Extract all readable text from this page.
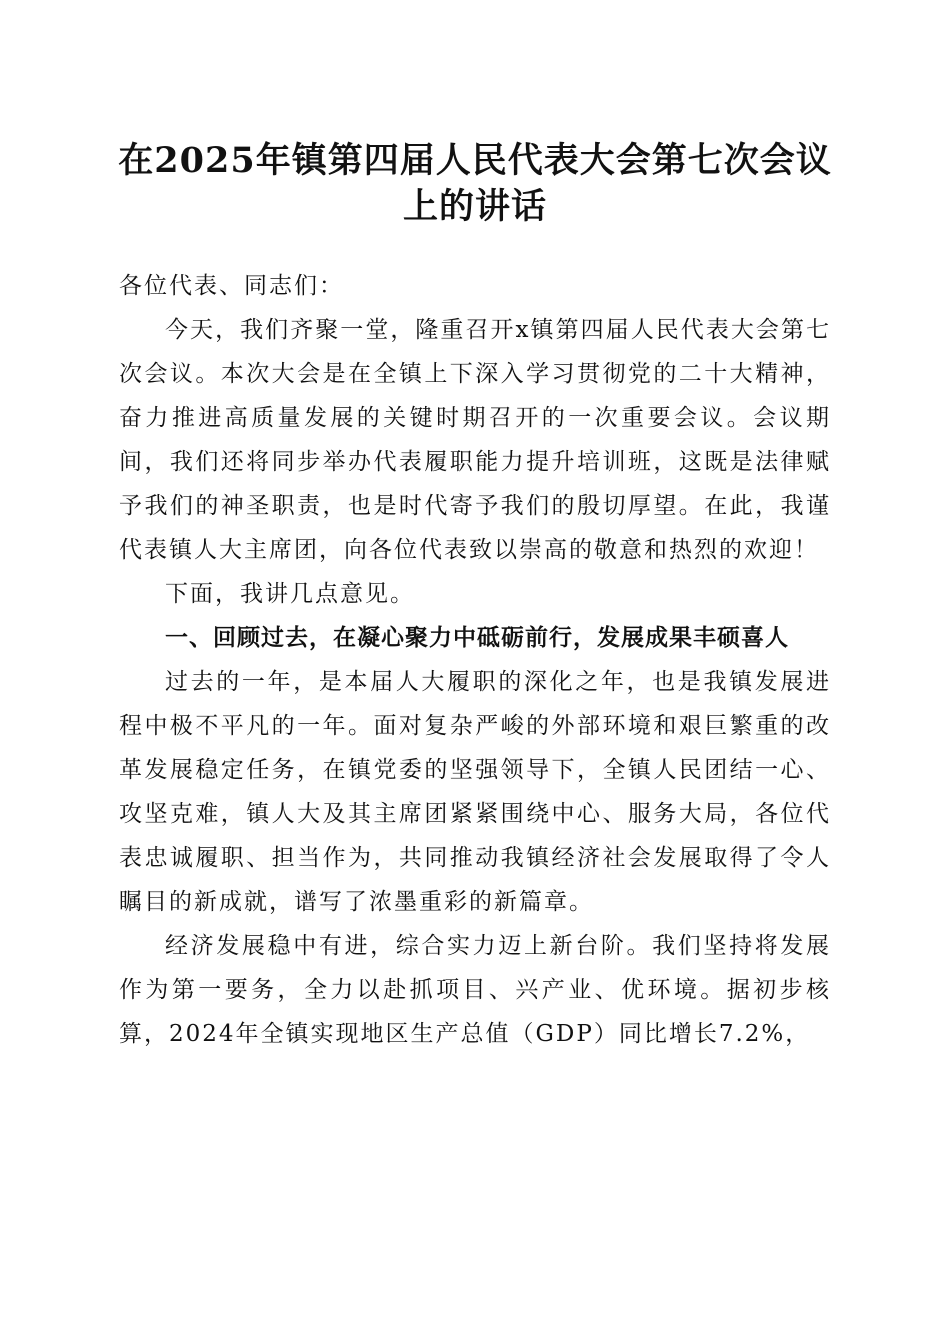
在2025年镇第四届人民代表大会第七次会议
上的讲话

各位代表、同志们：

今天，我们齐聚一堂，隆重召开x镇第四届人民代表大会第七次会议。本次大会是在全镇上下深入学习贯彻党的二十大精神，奋力推进高质量发展的关键时期召开的一次重要会议。会议期间，我们还将同步举办代表履职能力提升培训班，这既是法律赋予我们的神圣职责，也是时代寄予我们的殷切厚望。在此，我谨代表镇人大主席团，向各位代表致以崇高的敬意和热烈的欢迎！

下面，我讲几点意见。

一、回顾过去，在凝心聚力中砥砺前行，发展成果丰硕喜人

过去的一年，是本届人大履职的深化之年，也是我镇发展进程中极不平凡的一年。面对复杂严峻的外部环境和艰巨繁重的改革发展稳定任务，在镇党委的坚强领导下，全镇人民团结一心、攻坚克难，镇人大及其主席团紧紧围绕中心、服务大局，各位代表忠诚履职、担当作为，共同推动我镇经济社会发展取得了令人瞩目的新成就，谱写了浓墨重彩的新篇章。

经济发展稳中有进，综合实力迈上新台阶。我们坚持将发展作为第一要务，全力以赴抓项目、兴产业、优环境。据初步核算，2024年全镇实现地区生产总值（GDP）同比增长7.2%，
